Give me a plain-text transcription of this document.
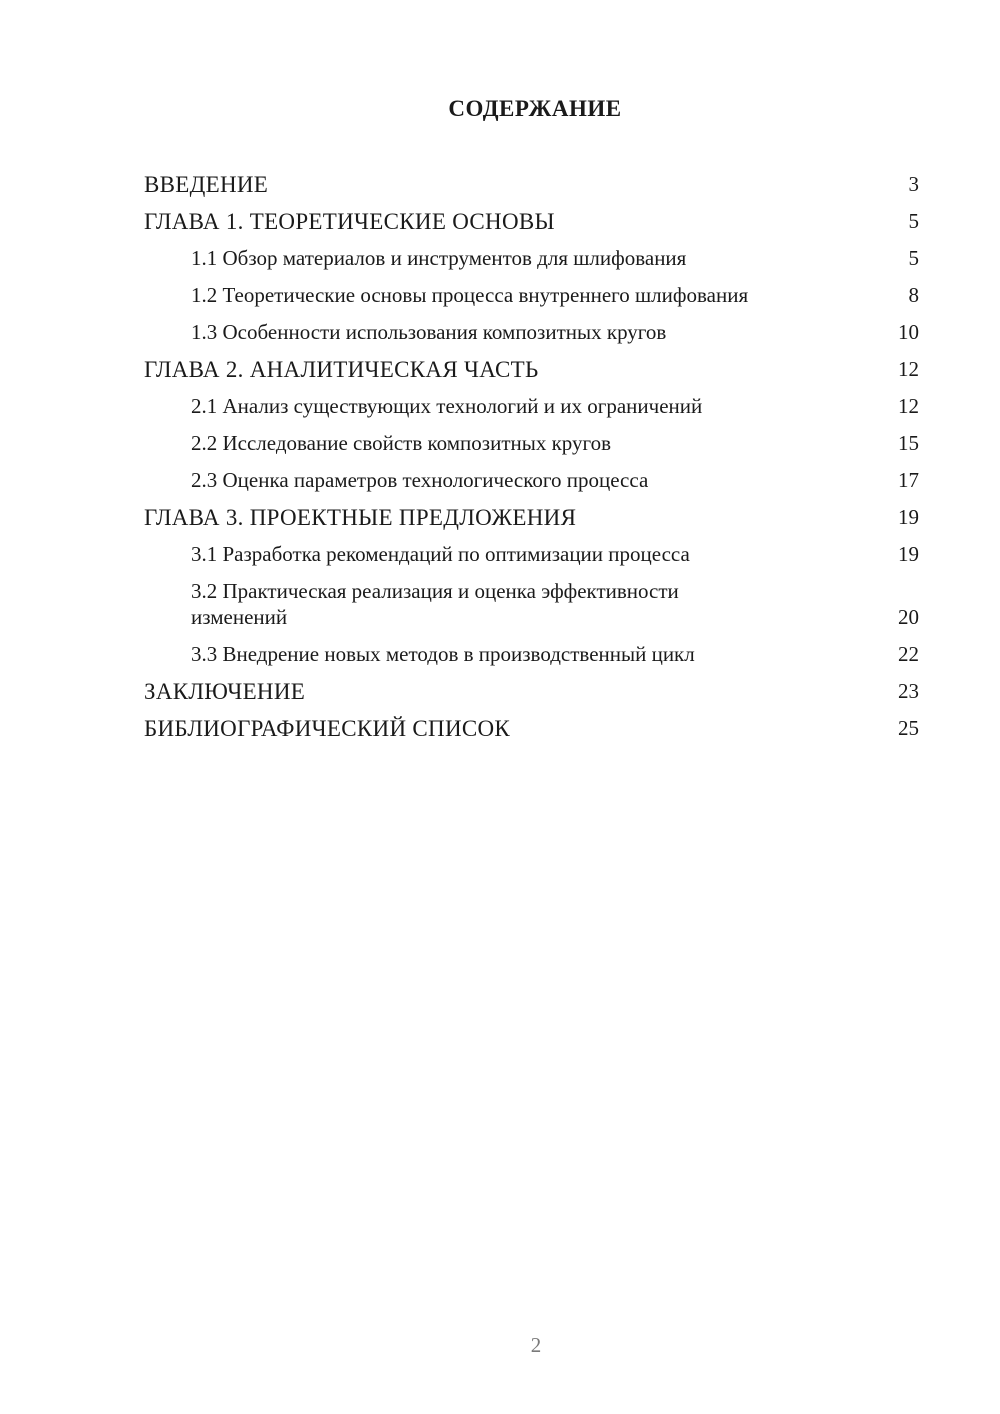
СОДЕРЖАНИЕ
ВВЕДЕНИЕ	3
ГЛАВА 1. ТЕОРЕТИЧЕСКИЕ ОСНОВЫ	5
1.1 Обзор материалов и инструментов для шлифования	5
1.2 Теоретические основы процесса внутреннего шлифования	8
1.3 Особенности использования композитных кругов	10
ГЛАВА 2. АНАЛИТИЧЕСКАЯ ЧАСТЬ	12
2.1 Анализ существующих технологий и их ограничений	12
2.2 Исследование свойств композитных кругов	15
2.3 Оценка параметров технологического процесса	17
ГЛАВА 3. ПРОЕКТНЫЕ ПРЕДЛОЖЕНИЯ	19
3.1 Разработка рекомендаций по оптимизации процесса	19
3.2 Практическая реализация и оценка эффективности изменений	20
3.3 Внедрение новых методов в производственный цикл	22
ЗАКЛЮЧЕНИЕ	23
БИБЛИОГРАФИЧЕСКИЙ СПИСОК	25
2
